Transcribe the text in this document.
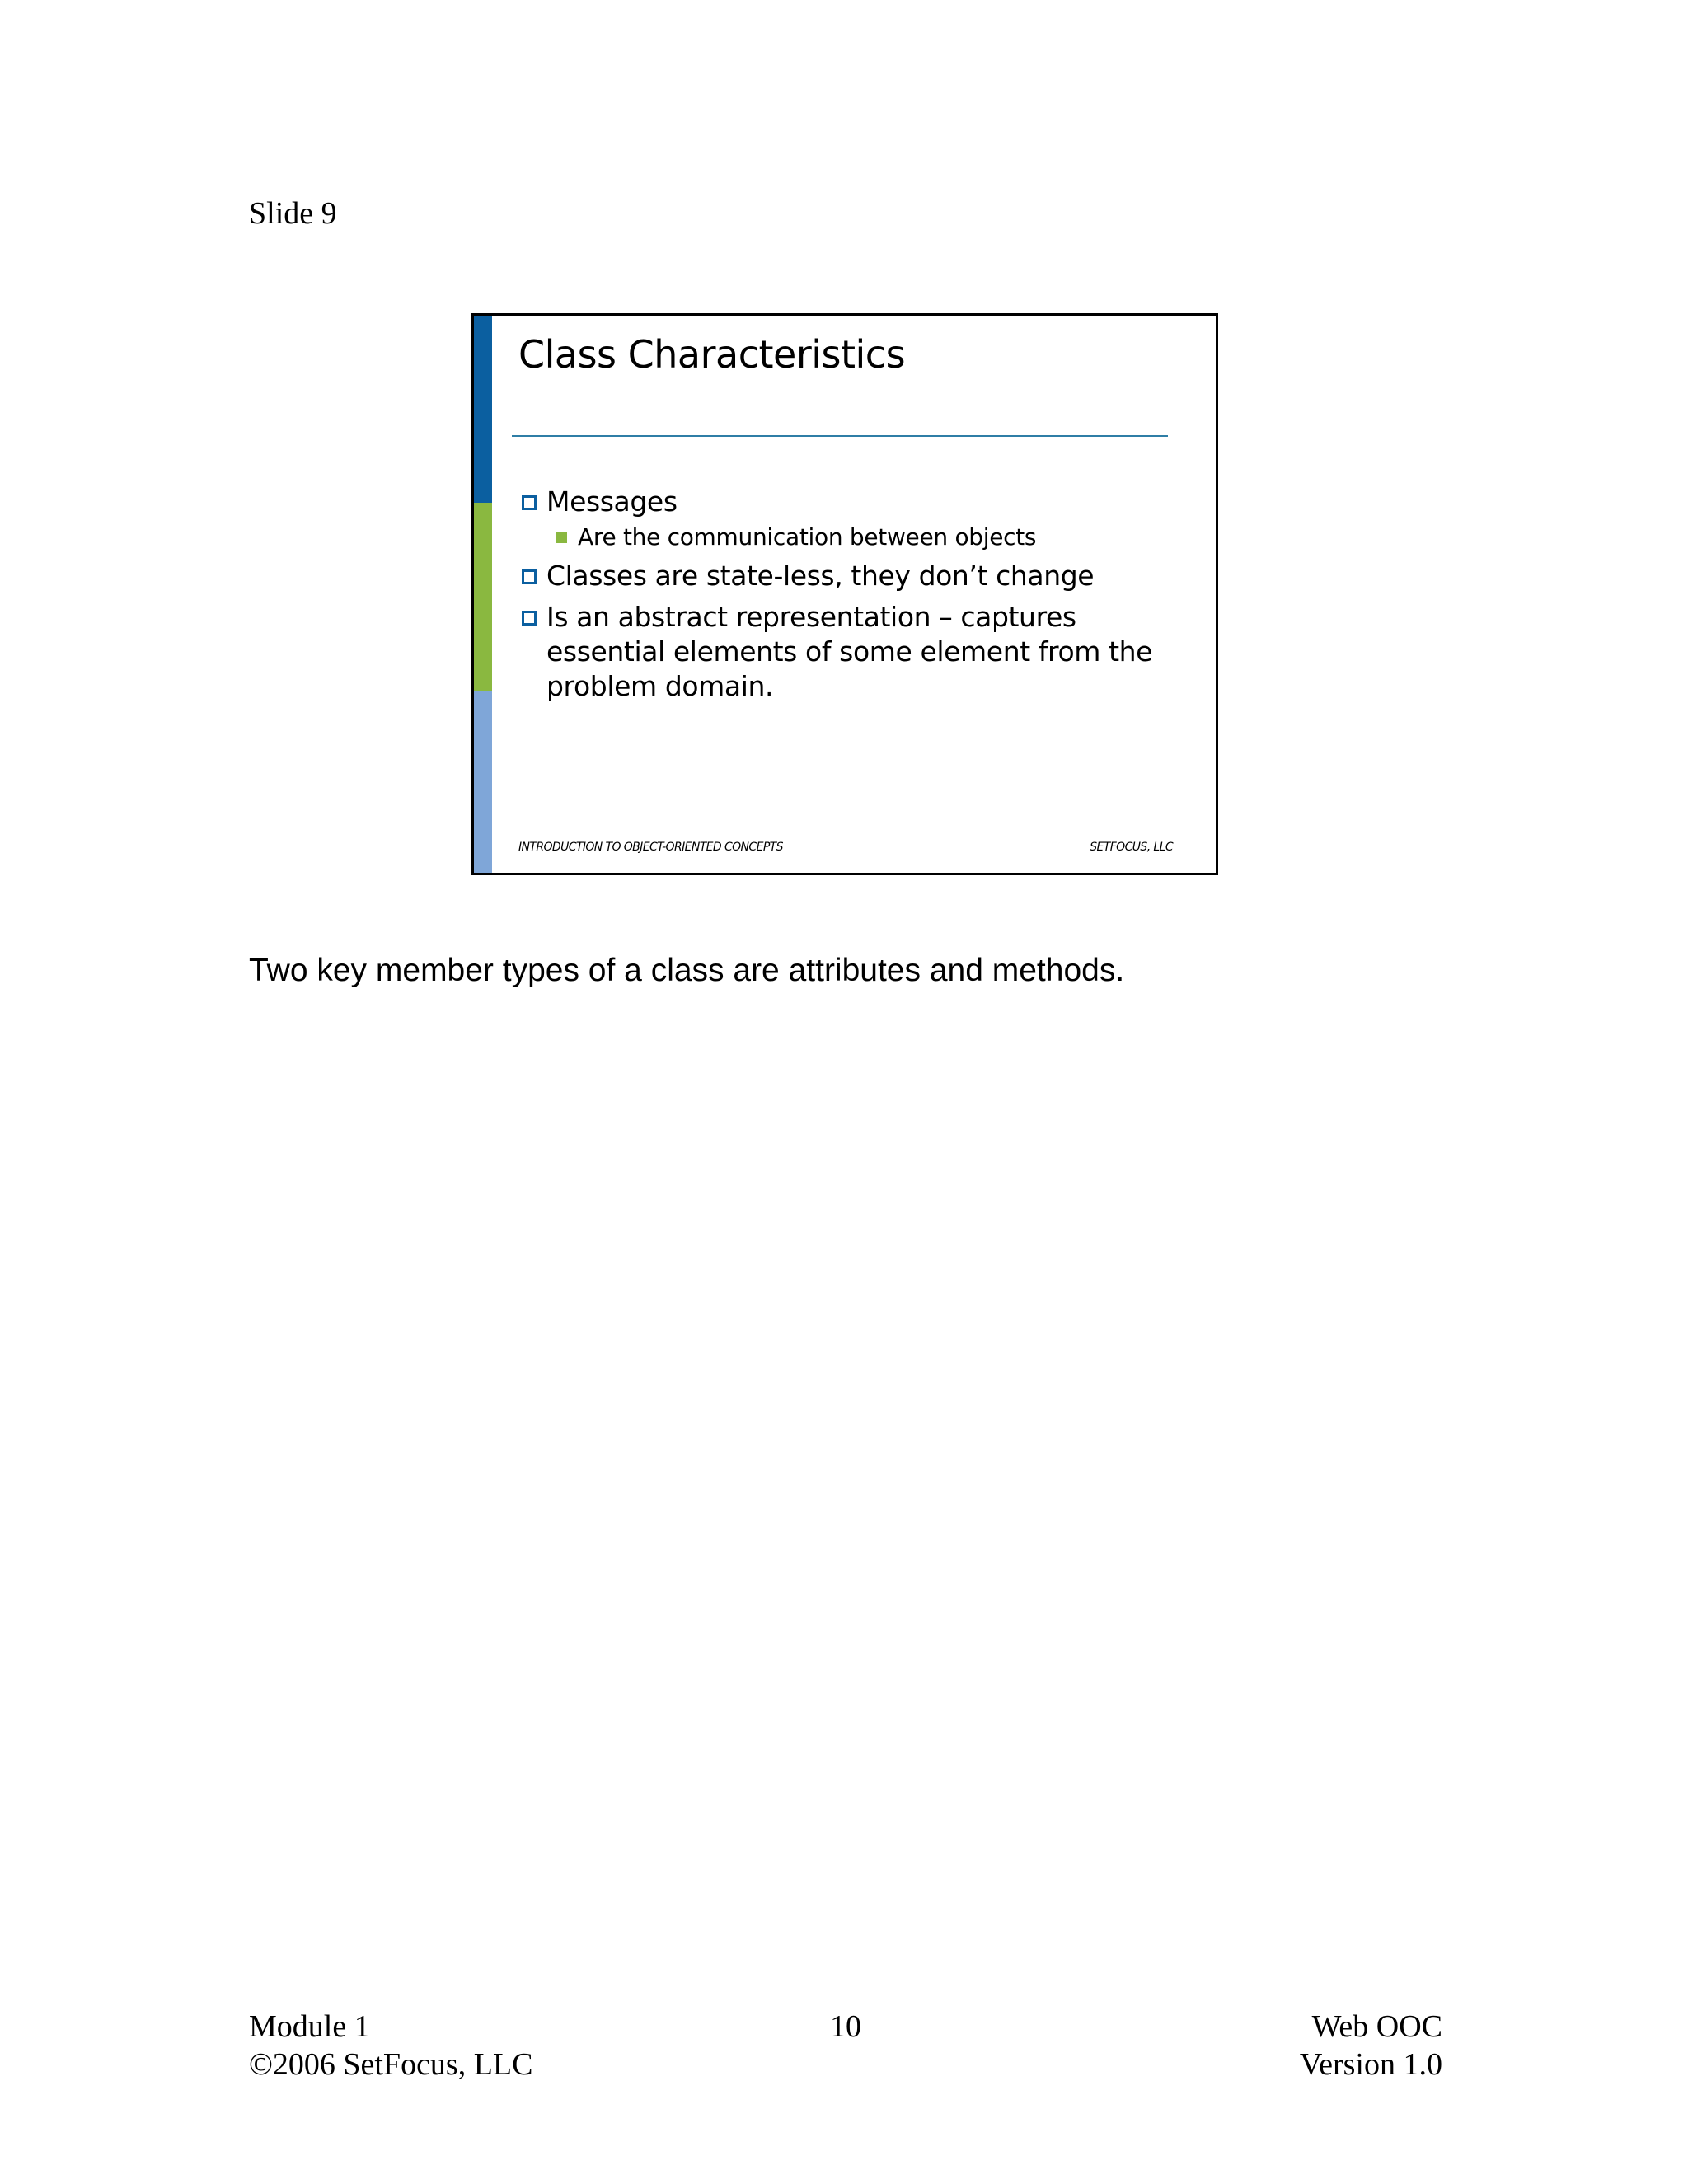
Slide 9
Class Characteristics
Messages
Are the communication between objects
Classes are state-less, they don’t change
Is an abstract representation – captures essential elements of some element from the problem domain.
INTRODUCTION TO OBJECT-ORIENTED CONCEPTS	SETFOCUS, LLC
Two key member types of a class are attributes and methods.
Module 1
©2006 SetFocus, LLC
10	Web OOC
Version 1.0
